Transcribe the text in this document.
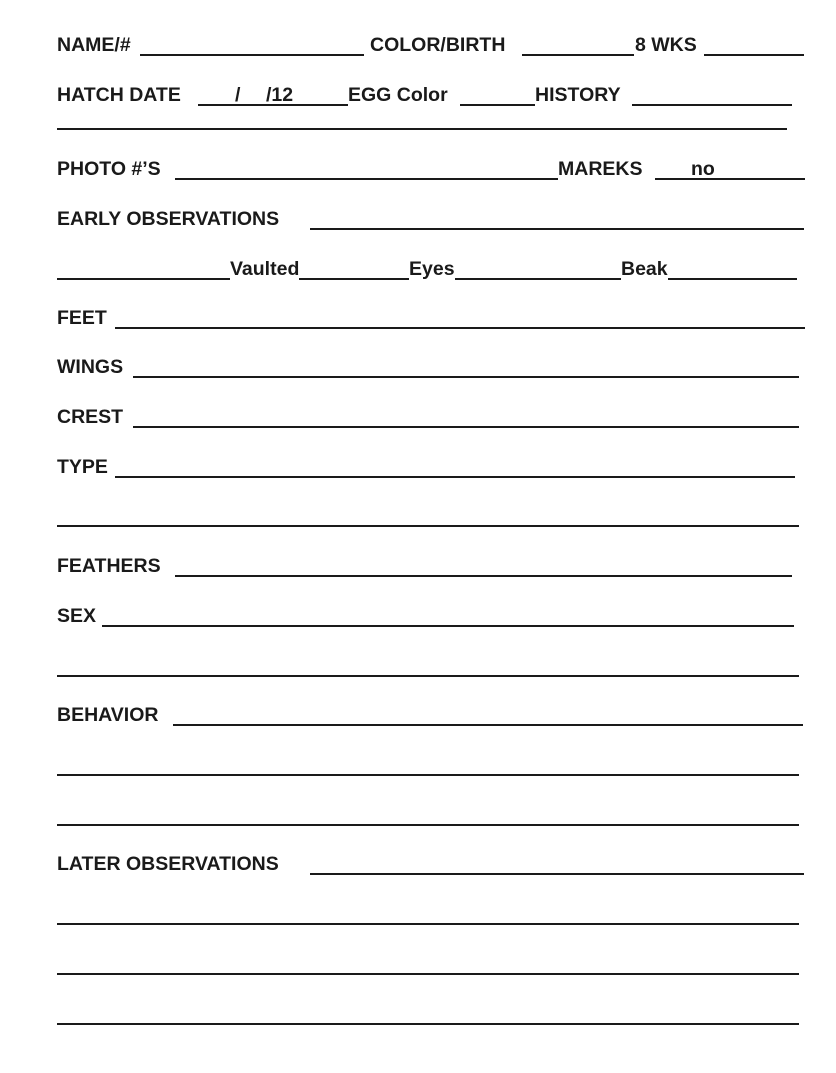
NAME/#	COLOR/BIRTH	8 WKS
HATCH DATE	/ /12	EGG Color	HISTORY
PHOTO #’S	MAREKS no
EARLY OBSERVATIONS
Vaulted	Eyes	Beak
FEET
WINGS
CREST
TYPE
FEATHERS
SEX
BEHAVIOR
LATER OBSERVATIONS
